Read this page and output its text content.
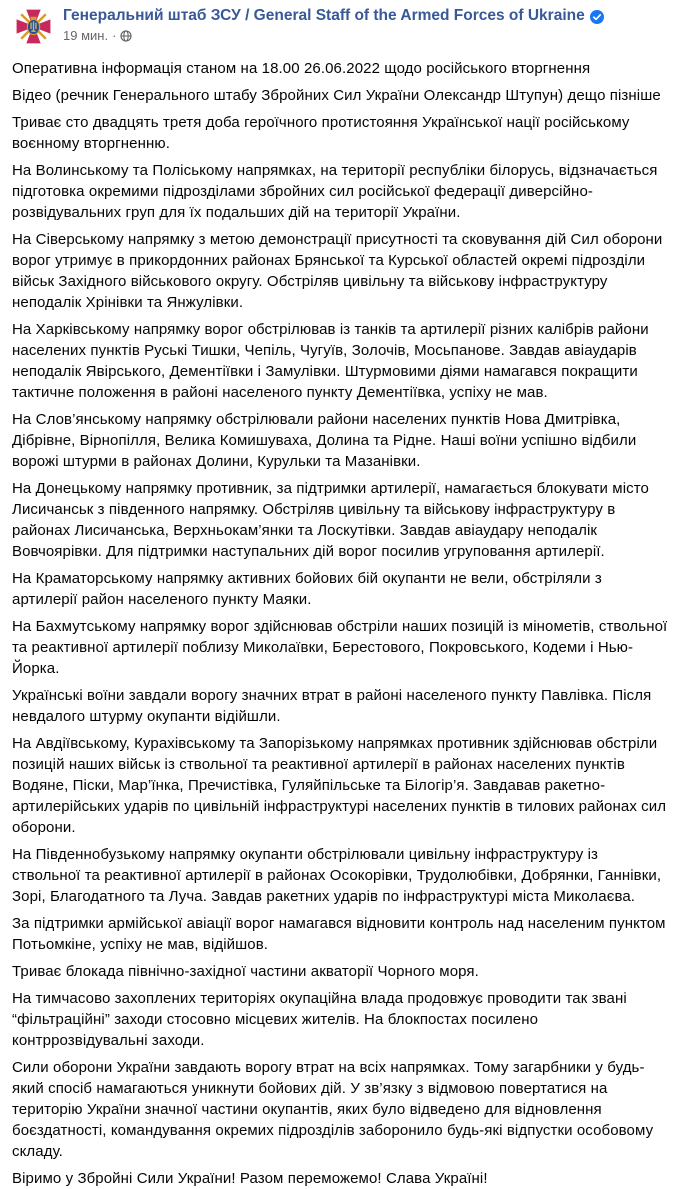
Генеральний штаб ЗСУ / General Staff of the Armed Forces of Ukraine
19 мин. ·

Оперативна інформація станом на 18.00 26.06.2022 щодо російського вторгнення

Відео (речник Генерального штабу Збройних Сил України Олександр Штупун) дещо пізніше

Триває сто двадцять третя доба героїчного протистояння Української нації російському воєнному вторгненню.

На Волинському та Поліському напрямках, на території республіки білорусь, відзначається підготовка окремими підрозділами збройних сил російської федерації диверсійно-розвідувальних груп для їх подальших дій на території України.

На Сіверському напрямку з метою демонстрації присутності та сковування дій Сил оборони ворог утримує в прикордонних районах Брянської та Курської областей окремі підрозділи військ Західного військового округу. Обстріляв цивільну та військову інфраструктуру неподалік Хрінівки та Янжулівки.

На Харківському напрямку ворог обстрілював із танків та артилерії різних калібрів райони населених пунктів Руські Тишки, Чепіль, Чугуїв, Золочів, Мосьпанове. Завдав авіаударів неподалік Явірського, Дементіївки і Замулівки. Штурмовими діями намагався покращити тактичне положення в районі населеного пункту Дементіївка, успіху не мав.

На Слов’янському напрямку обстрілювали райони населених пунктів Нова Дмитрівка, Дібрівне, Вірнопілля, Велика Комишуваха, Долина та Рідне. Наші воїни успішно відбили ворожі штурми в районах Долини, Курульки та Мазанівки.

На Донецькому напрямку противник, за підтримки артилерії, намагається блокувати місто Лисичанськ з південного напрямку. Обстріляв цивільну та військову інфраструктуру в районах Лисичанська, Верхньокам’янки та Лоскутівки. Завдав авіаудару неподалік Вовчоярівки. Для підтримки наступальних дій ворог посилив угруповання артилерії.

На Краматорському напрямку активних бойових бій окупанти не вели, обстріляли з артилерії район населеного пункту Маяки.

На Бахмутському напрямку ворог здійснював обстріли наших позицій із мінометів, ствольної та реактивної артилерії поблизу Миколаївки, Берестового, Покровського, Кодеми і Нью-Йорка.

Українські воїни завдали ворогу значних втрат в районі населеного пункту Павлівка. Після невдалого штурму окупанти відійшли.

На Авдіївському, Курахівському та Запорізькому напрямках противник здійснював обстріли позицій наших військ із ствольної та реактивної артилерії в районах населених пунктів Водяне, Піски, Мар’їнка, Пречистівка, Гуляйпільське та Білогір’я. Завдавав ракетно-артилерійських ударів по цивільній інфраструктурі населених пунктів в тилових районах сил оборони.

На Південнобузькому напрямку окупанти обстрілювали цивільну інфраструктуру із ствольної та реактивної артилерії в районах Осокорівки, Трудолюбівки, Добрянки, Ганнівки, Зорі, Благодатного та Луча. Завдав ракетних ударів по інфраструктурі міста Миколаєва.

За підтримки армійської авіації ворог намагався відновити контроль над населеним пунктом Потьомкіне, успіху не мав, відійшов.

Триває блокада північно-західної частини акваторії Чорного моря.

На тимчасово захоплених територіях окупаційна влада продовжує проводити так звані “фільтраційні” заходи стосовно місцевих жителів. На блокпостах посилено контррозвідувальні заходи.

Сили оборони України завдають ворогу втрат на всіх напрямках. Тому загарбники у будь-який спосіб намагаються уникнути бойових дій. У зв’язку з відмовою повертатися на територію України значної частини окупантів, яких було відведено для відновлення боєздатності, командування окремих підрозділів заборонило будь-які відпустки особовому складу.

Віримо у Збройні Сили України! Разом переможемо! Слава Україні!
